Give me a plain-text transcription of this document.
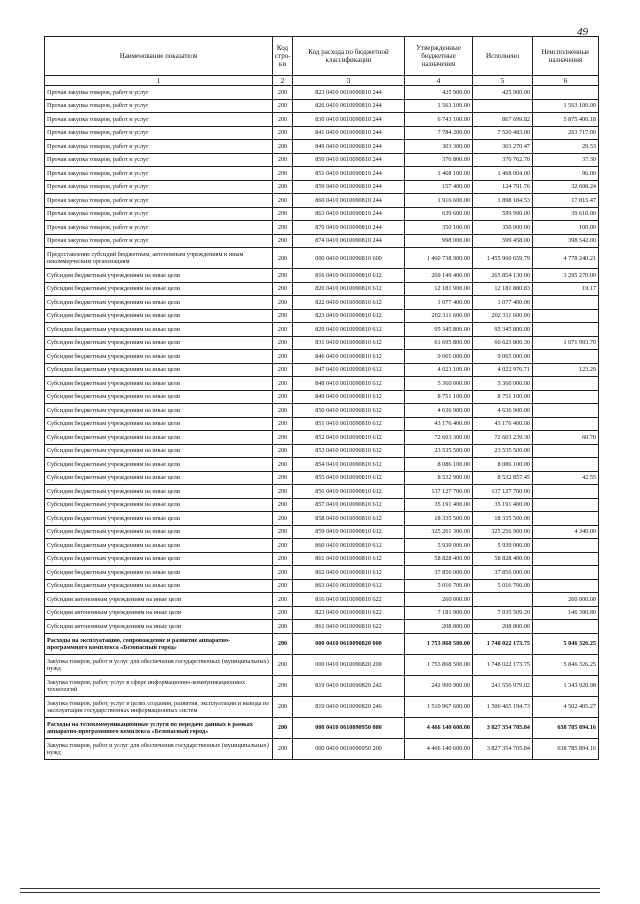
49
Наименование показателя	Код стро-ки	Код расхода по бюджетной классификации	Утвержденные бюджетные назначения	Исполнено	Неисполненные назначения
1	2	3	4	5	6
Прочая закупка товаров, работ и услуг	200	823 0410 0610090810 244	425 900.00	425 900.00	
Прочая закупка товаров, работ и услуг	200	826 0410 0610090810 244	1 563 100.00		1 563 100.00
Прочая закупка товаров, работ и услуг	200	830 0410 0610090810 244	6 743 100.00	867 699.82	5 875 400.18
Прочая закупка товаров, работ и услуг	200	841 0410 0610090810 244	7 784 200.00	7 520 483.00	263 717.00
Прочая закупка товаров, работ и услуг	200	849 0410 0610090810 244	303 300.00	303 270.47	29.53
Прочая закупка товаров, работ и услуг	200	850 0410 0610090810 244	370 800.00	370 762.70	37.30
Прочая закупка товаров, работ и услуг	200	851 0410 0610090810 244	1 468 100.00	1 468 004.00	96.00
Прочая закупка товаров, работ и услуг	200	859 0410 0610090810 244	157 400.00	124 791.76	32 608.24
Прочая закупка товаров, работ и услуг	200	860 0410 0610090810 244	1 916 600.00	1 898 184.53	17 815.47
Прочая закупка товаров, работ и услуг	200	863 0410 0610090810 244	639 600.00	599 990.00	39 610.00
Прочая закупка товаров, работ и услуг	200	870 0410 0610090810 244	350 100.00	350 000.00	100.00
Прочая закупка товаров, работ и услуг	200	874 0410 0610090810 244	998 000.00	599 458.00	398 542.00
Предоставление субсидий бюджетным, автономным учреждениям и иным некоммерческим организациям	200	000 0410 0610090810 600	1 460 738 900.00	1 455 960 659.79	4 778 240.21
Субсидии бюджетным учреждениям на иные цели	200	816 0410 0610090810 612	269 149 400.00	265 854 130.00	3 295 270.00
Субсидии бюджетным учреждениям на иные цели	200	820 0410 0610090810 612	12 181 900.00	12 181 880.83	19.17
Субсидии бюджетным учреждениям на иные цели	200	822 0410 0610090810 612	1 077 400.00	1 077 400.00	
Субсидии бюджетным учреждениям на иные цели	200	823 0410 0610090810 612	202 311 600.00	202 311 600.00	
Субсидии бюджетным учреждениям на иные цели	200	829 0410 0610090810 612	95 345 800.00	95 345 800.00	
Субсидии бюджетным учреждениям на иные цели	200	831 0410 0610090810 612	61 695 800.00	60 623 806.30	1 071 993.70
Субсидии бюджетным учреждениям на иные цели	200	846 0410 0610090810 612	9 065 000.00	9 065 000.00	
Субсидии бюджетным учреждениям на иные цели	200	847 0410 0610090810 612	4 023 100.00	4 022 976.71	123.29
Субсидии бюджетным учреждениям на иные цели	200	848 0410 0610090810 612	5 360 000.00	5 360 000.00	
Субсидии бюджетным учреждениям на иные цели	200	849 0410 0610090810 612	8 751 100.00	8 751 100.00	
Субсидии бюджетным учреждениям на иные цели	200	850 0410 0610090810 612	4 636 900.00	4 636 900.00	
Субсидии бюджетным учреждениям на иные цели	200	851 0410 0610090810 612	43 176 400.00	43 176 400.00	
Субсидии бюджетным учреждениям на иные цели	200	852 0410 0610090810 612	72 603 300.00	72 603 239.30	60.70
Субсидии бюджетным учреждениям на иные цели	200	853 0410 0610090810 612	23 535 500.00	23 535 500.00	
Субсидии бюджетным учреждениям на иные цели	200	854 0410 0610090810 612	8 086 100.00	8 086 100.00	
Субсидии бюджетным учреждениям на иные цели	200	855 0410 0610090810 612	8 532 900.00	8 532 857.45	42.55
Субсидии бюджетным учреждениям на иные цели	200	856 0410 0610090810 612	137 127 700.00	137 127 700.00	
Субсидии бюджетным учреждениям на иные цели	200	857 0410 0610090810 612	35 191 400.00	35 191 400.00	
Субсидии бюджетным учреждениям на иные цели	200	858 0410 0610090810 612	18 335 500.00	18 335 500.00	
Субсидии бюджетным учреждениям на иные цели	200	859 0410 0610090810 612	325 261 300.00	325 256 960.00	4 340.00
Субсидии бюджетным учреждениям на иные цели	200	860 0410 0610090810 612	5 939 000.00	5 939 000.00	
Субсидии бюджетным учреждениям на иные цели	200	861 0410 0610090810 612	58 828 400.00	58 828 400.00	
Субсидии бюджетным учреждениям на иные цели	200	862 0410 0610090810 612	37 856 000.00	37 856 000.00	
Субсидии бюджетным учреждениям на иные цели	200	863 0410 0610090810 612	5 016 700.00	5 016 700.00	
Субсидии автономным учреждениям на иные цели	200	816 0410 0610090810 622	260 000.00		260 000.00
Субсидии автономным учреждениям на иные цели	200	823 0410 0610090810 622	7 181 900.00	7 035 509.20	146 390.80
Субсидии автономным учреждениям на иные цели	200	861 0410 0610090810 622	208 800.00	208 800.00	
Расходы на эксплуатацию, сопровождение и развитие аппаратно-программного комплекса «Безопасный город»	200	000 0410 0610090820 000	1 753 868 500.00	1 748 022 173.75	5 846 326.25
Закупка товаров, работ и услуг для обеспечения государственных (муниципальных) нужд	200	000 0410 0610090820 200	1 753 868 500.00	1 748 022 173.75	5 846 326.25
Закупка товаров, работ, услуг в сфере информационно-коммуникационных технологий	200	819 0410 0610090820 242	242 900 900.00	241 556 979.02	1 343 920.98
Закупка товаров, работ, услуг в целях создания, развития, эксплуатации и вывода из эксплуатации государственных информационных систем	200	819 0410 0610090820 246	1 510 967 600.00	1 506 465 194.73	4 502 405.27
Расходы на телекоммуникационные услуги по передаче данных в рамках аппаратно-программного комплекса «Безопасный город»	200	000 0410 0610090950 000	4 466 140 600.00	3 827 354 705.84	638 785 894.16
Закупка товаров, работ и услуг для обеспечения государственных (муниципальных) нужд	200	000 0410 0610090950 200	4 466 140 600.00	3 827 354 705.84	638 785 894.16
